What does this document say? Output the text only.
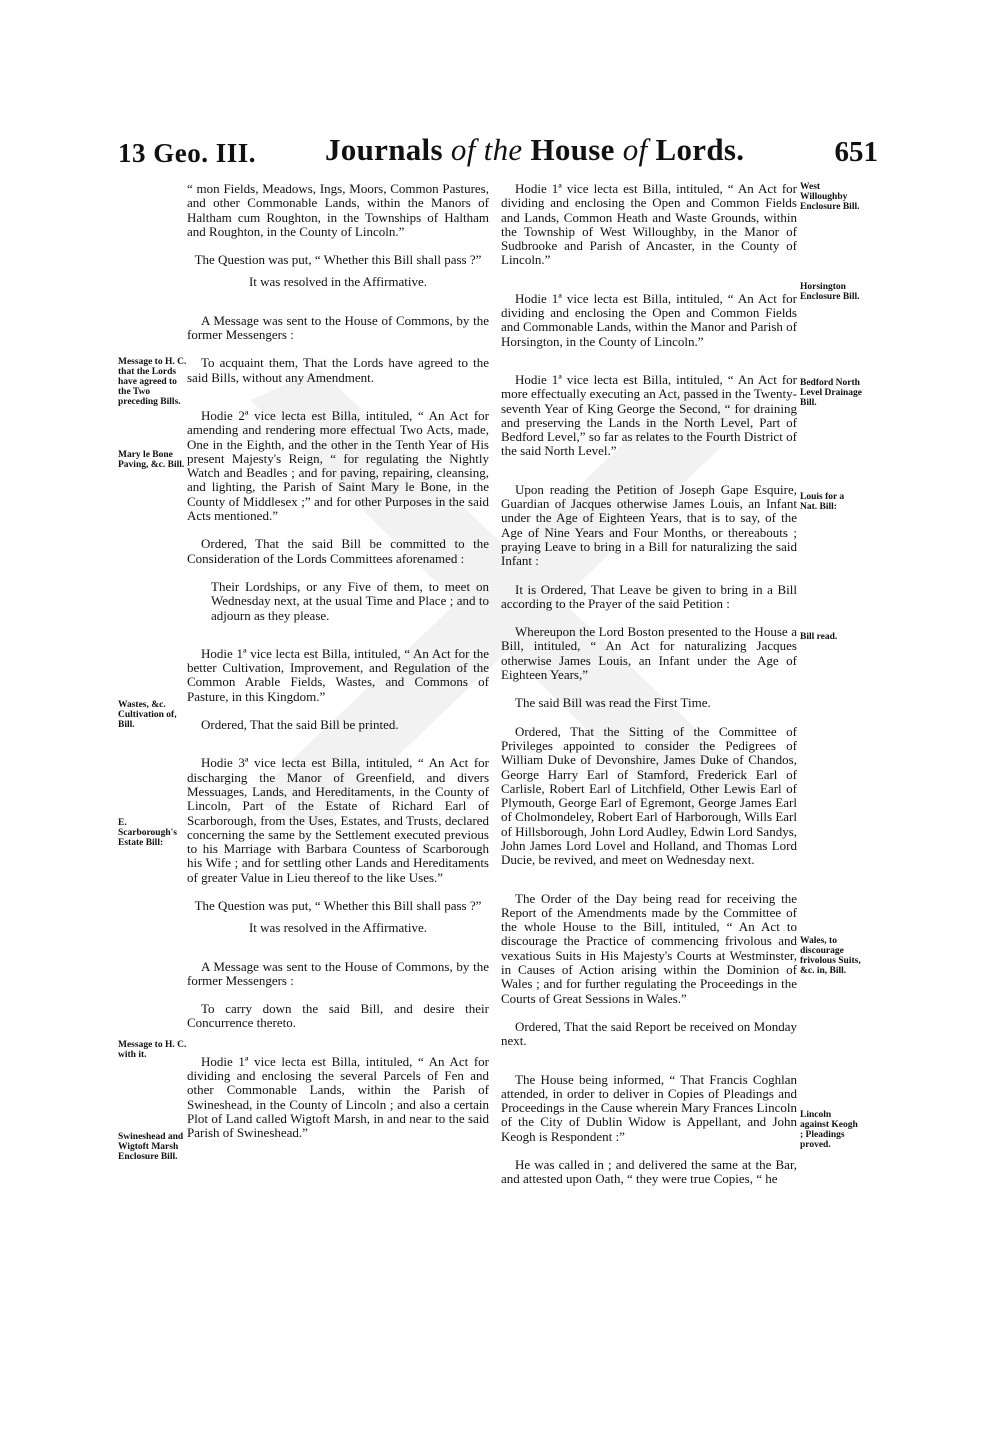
13 Geo. III. Journals of the House of Lords.	651

“ mon Fields, Meadows, Ings, Moors, Common Pastures, and other Commonable Lands, within the Manors of Haltham cum Roughton, in the Townships of Haltham and Roughton, in the County of Lincoln.”

The Question was put, “ Whether this Bill shall pass ?”

It was resolved in the Affirmative.

A Message was sent to the House of Commons, by the former Messengers :

To acquaint them, That the Lords have agreed to the said Bills, without any Amendment.

Hodie 2ª vice lecta est Billa, intituled, “ An Act for amending and rendering more effectual Two Acts, made, One in the Eighth, and the other in the Tenth Year of His present Majesty's Reign, “ for regulating the Nightly Watch and Beadles ; and for paving, repairing, cleansing, and lighting, the Parish of Saint Mary le Bone, in the County of Middlesex ;” and for other Purposes in the said Acts mentioned.”

Ordered, That the said Bill be committed to the Consideration of the Lords Committees aforenamed :

Their Lordships, or any Five of them, to meet on Wednesday next, at the usual Time and Place ; and to adjourn as they please.

Hodie 1ª vice lecta est Billa, intituled, “ An Act for the better Cultivation, Improvement, and Regulation of the Common Arable Fields, Wastes, and Commons of Pasture, in this Kingdom.”

Ordered, That the said Bill be printed.

Hodie 3ª vice lecta est Billa, intituled, “ An Act for discharging the Manor of Greenfield, and divers Messuages, Lands, and Hereditaments, in the County of Lincoln, Part of the Estate of Richard Earl of Scarborough, from the Uses, Estates, and Trusts, declared concerning the same by the Settlement executed previous to his Marriage with Barbara Countess of Scarborough his Wife ; and for settling other Lands and Hereditaments of greater Value in Lieu thereof to the like Uses.”

The Question was put, “ Whether this Bill shall pass ?”

It was resolved in the Affirmative.

A Message was sent to the House of Commons, by the former Messengers :

To carry down the said Bill, and desire their Concurrence thereto.

Hodie 1ª vice lecta est Billa, intituled, “ An Act for dividing and enclosing the several Parcels of Fen and other Commonable Lands, within the Parish of Swineshead, in the County of Lincoln ; and also a certain Plot of Land called Wigtoft Marsh, in and near to the said Parish of Swineshead.”

Hodie 1ª vice lecta est Billa, intituled, “ An Act for dividing and enclosing the Open and Common Fields and Lands, Common Heath and Waste Grounds, within the Township of West Willoughby, in the Manor of Sudbrooke and Parish of Ancaster, in the County of Lincoln.”

Hodie 1ª vice lecta est Billa, intituled, “ An Act for dividing and enclosing the Open and Common Fields and Commonable Lands, within the Manor and Parish of Horsington, in the County of Lincoln.”

Hodie 1ª vice lecta est Billa, intituled, “ An Act for more effectually executing an Act, passed in the Twenty-seventh Year of King George the Second, “ for draining and preserving the Lands in the North Level, Part of Bedford Level,” so far as relates to the Fourth District of the said North Level.”

Upon reading the Petition of Joseph Gape Esquire, Guardian of Jacques otherwise James Louis, an Infant under the Age of Eighteen Years, that is to say, of the Age of Nine Years and Four Months, or thereabouts ; praying Leave to bring in a Bill for naturalizing the said Infant :

It is Ordered, That Leave be given to bring in a Bill according to the Prayer of the said Petition :

Whereupon the Lord Boston presented to the House a Bill, intituled, “ An Act for naturalizing Jacques otherwise James Louis, an Infant under the Age of Eighteen Years,”

The said Bill was read the First Time.

Ordered, That the Sitting of the Committee of Privileges appointed to consider the Pedigrees of William Duke of Devonshire, James Duke of Chandos, George Harry Earl of Stamford, Frederick Earl of Carlisle, Robert Earl of Litchfield, Other Lewis Earl of Plymouth, George Earl of Egremont, George James Earl of Cholmondeley, Robert Earl of Harborough, Wills Earl of Hillsborough, John Lord Audley, Edwin Lord Sandys, John James Lord Lovel and Holland, and Thomas Lord Ducie, be revived, and meet on Wednesday next.

The Order of the Day being read for receiving the Report of the Amendments made by the Committee of the whole House to the Bill, intituled, “ An Act to discourage the Practice of commencing frivolous and vexatious Suits in His Majesty's Courts at Westminster, in Causes of Action arising within the Dominion of Wales ; and for further regulating the Proceedings in the Courts of Great Sessions in Wales.”

Ordered, That the said Report be received on Monday next.

The House being informed, “ That Francis Coghlan attended, in order to deliver in Copies of Pleadings and Proceedings in the Cause wherein Mary Frances Lincoln of the City of Dublin Widow is Appellant, and John Keogh is Respondent :”

He was called in ; and delivered the same at the Bar, and attested upon Oath, “ they were true Copies, “ he

Message to H. C. that the Lords have agreed to the Two preceding Bills.
Mary le Bone Paving, &c. Bill.
Wastes, &c. Cultivation of, Bill.
E. Scarborough's Estate Bill:
Message to H. C. with it.
Swineshead and Wigtoft Marsh Enclosure Bill.
West Willoughby Enclosure Bill.
Horsington Enclosure Bill.
Bedford North Level Drainage Bill.
Louis for a Nat. Bill:
Bill read.
Wales, to discourage frivolous Suits, &c. in, Bill.
Lincoln against Keogh ; Pleadings proved.
